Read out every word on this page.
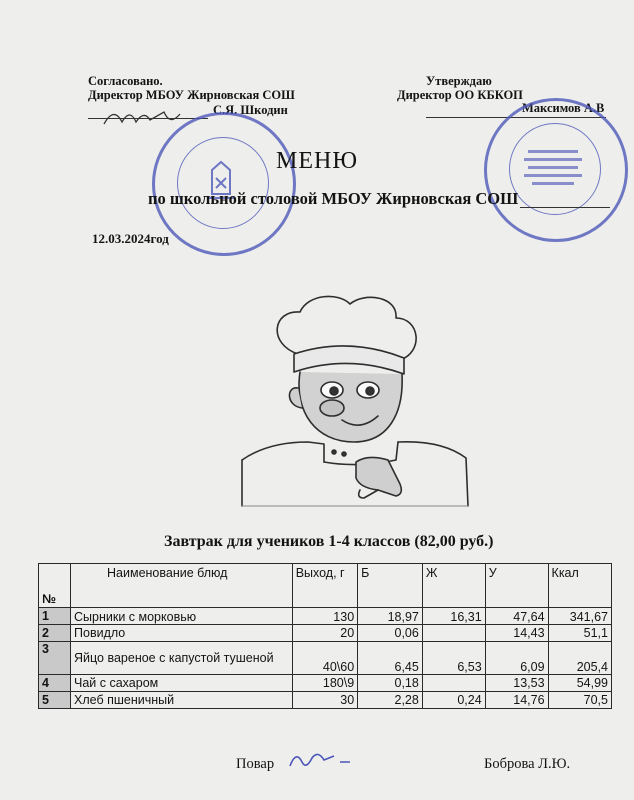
Согласовано.
Директор МБОУ Жирновская СОШ
С.Я. Шкодин
Утверждаю
Директор ОО КБКОП
Максимов А.В
МЕНЮ
по школьной столовой МБОУ Жирновская СОШ
12.03.2024год
Завтрак для учеников 1-4 классов (82,00 руб.)
№	Наименование блюд	Выход, г	Б	Ж	У	Ккал
1	Сырники с морковью	130	18,97	16,31	47,64	341,67
2	Повидло	20	0,06		14,43	51,1
3	Яйцо вареное с капустой тушеной	40\60	6,45	6,53	6,09	205,4
4	Чай с сахаром	180\9	0,18		13,53	54,99
5	Хлеб пшеничный	30	2,28	0,24	14,76	70,5
Повар	Боброва Л.Ю.
